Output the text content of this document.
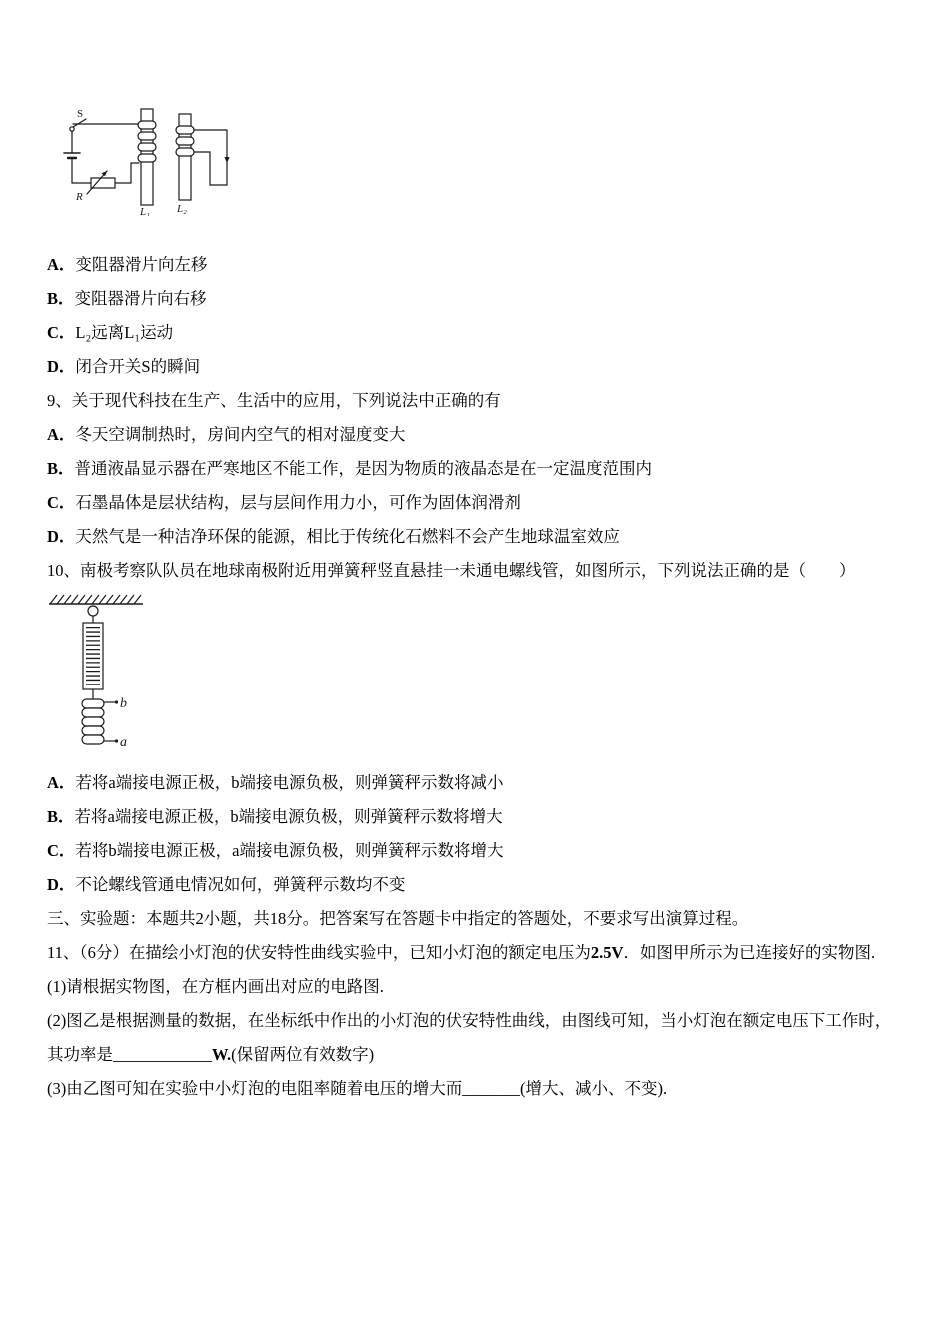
S
R
L₁ L₂

A．变阻器滑片向左移

B．变阻器滑片向右移

C．L₂远离L₁运动

D．闭合开关S的瞬间

9、关于现代科技在生产、生活中的应用，下列说法中正确的有

A．冬天空调制热时，房间内空气的相对湿度变大

B．普通液晶显示器在严寒地区不能工作，是因为物质的液晶态是在一定温度范围内

C．石墨晶体是层状结构，层与层间作用力小，可作为固体润滑剂

D．天然气是一种洁净环保的能源，相比于传统化石燃料不会产生地球温室效应

10、南极考察队队员在地球南极附近用弹簧秤竖直悬挂一未通电螺线管，如图所示，下列说法正确的是（　　）

b
a

A．若将a端接电源正极，b端接电源负极，则弹簧秤示数将减小

B．若将a端接电源正极，b端接电源负极，则弹簧秤示数将增大

C．若将b端接电源正极，a端接电源负极，则弹簧秤示数将增大

D．不论螺线管通电情况如何，弹簧秤示数均不变

三、实验题：本题共2小题，共18分。把答案写在答题卡中指定的答题处，不要求写出演算过程。

11、（6分）在描绘小灯泡的伏安特性曲线实验中，已知小灯泡的额定电压为2.5V．如图甲所示为已连接好的实物图.

(1)请根据实物图，在方框内画出对应的电路图.

(2)图乙是根据测量的数据，在坐标纸中作出的小灯泡的伏安特性曲线，由图线可知，当小灯泡在额定电压下工作时，

其功率是____________W.(保留两位有效数字)

(3)由乙图可知在实验中小灯泡的电阻率随着电压的增大而_______(增大、减小、不变).
